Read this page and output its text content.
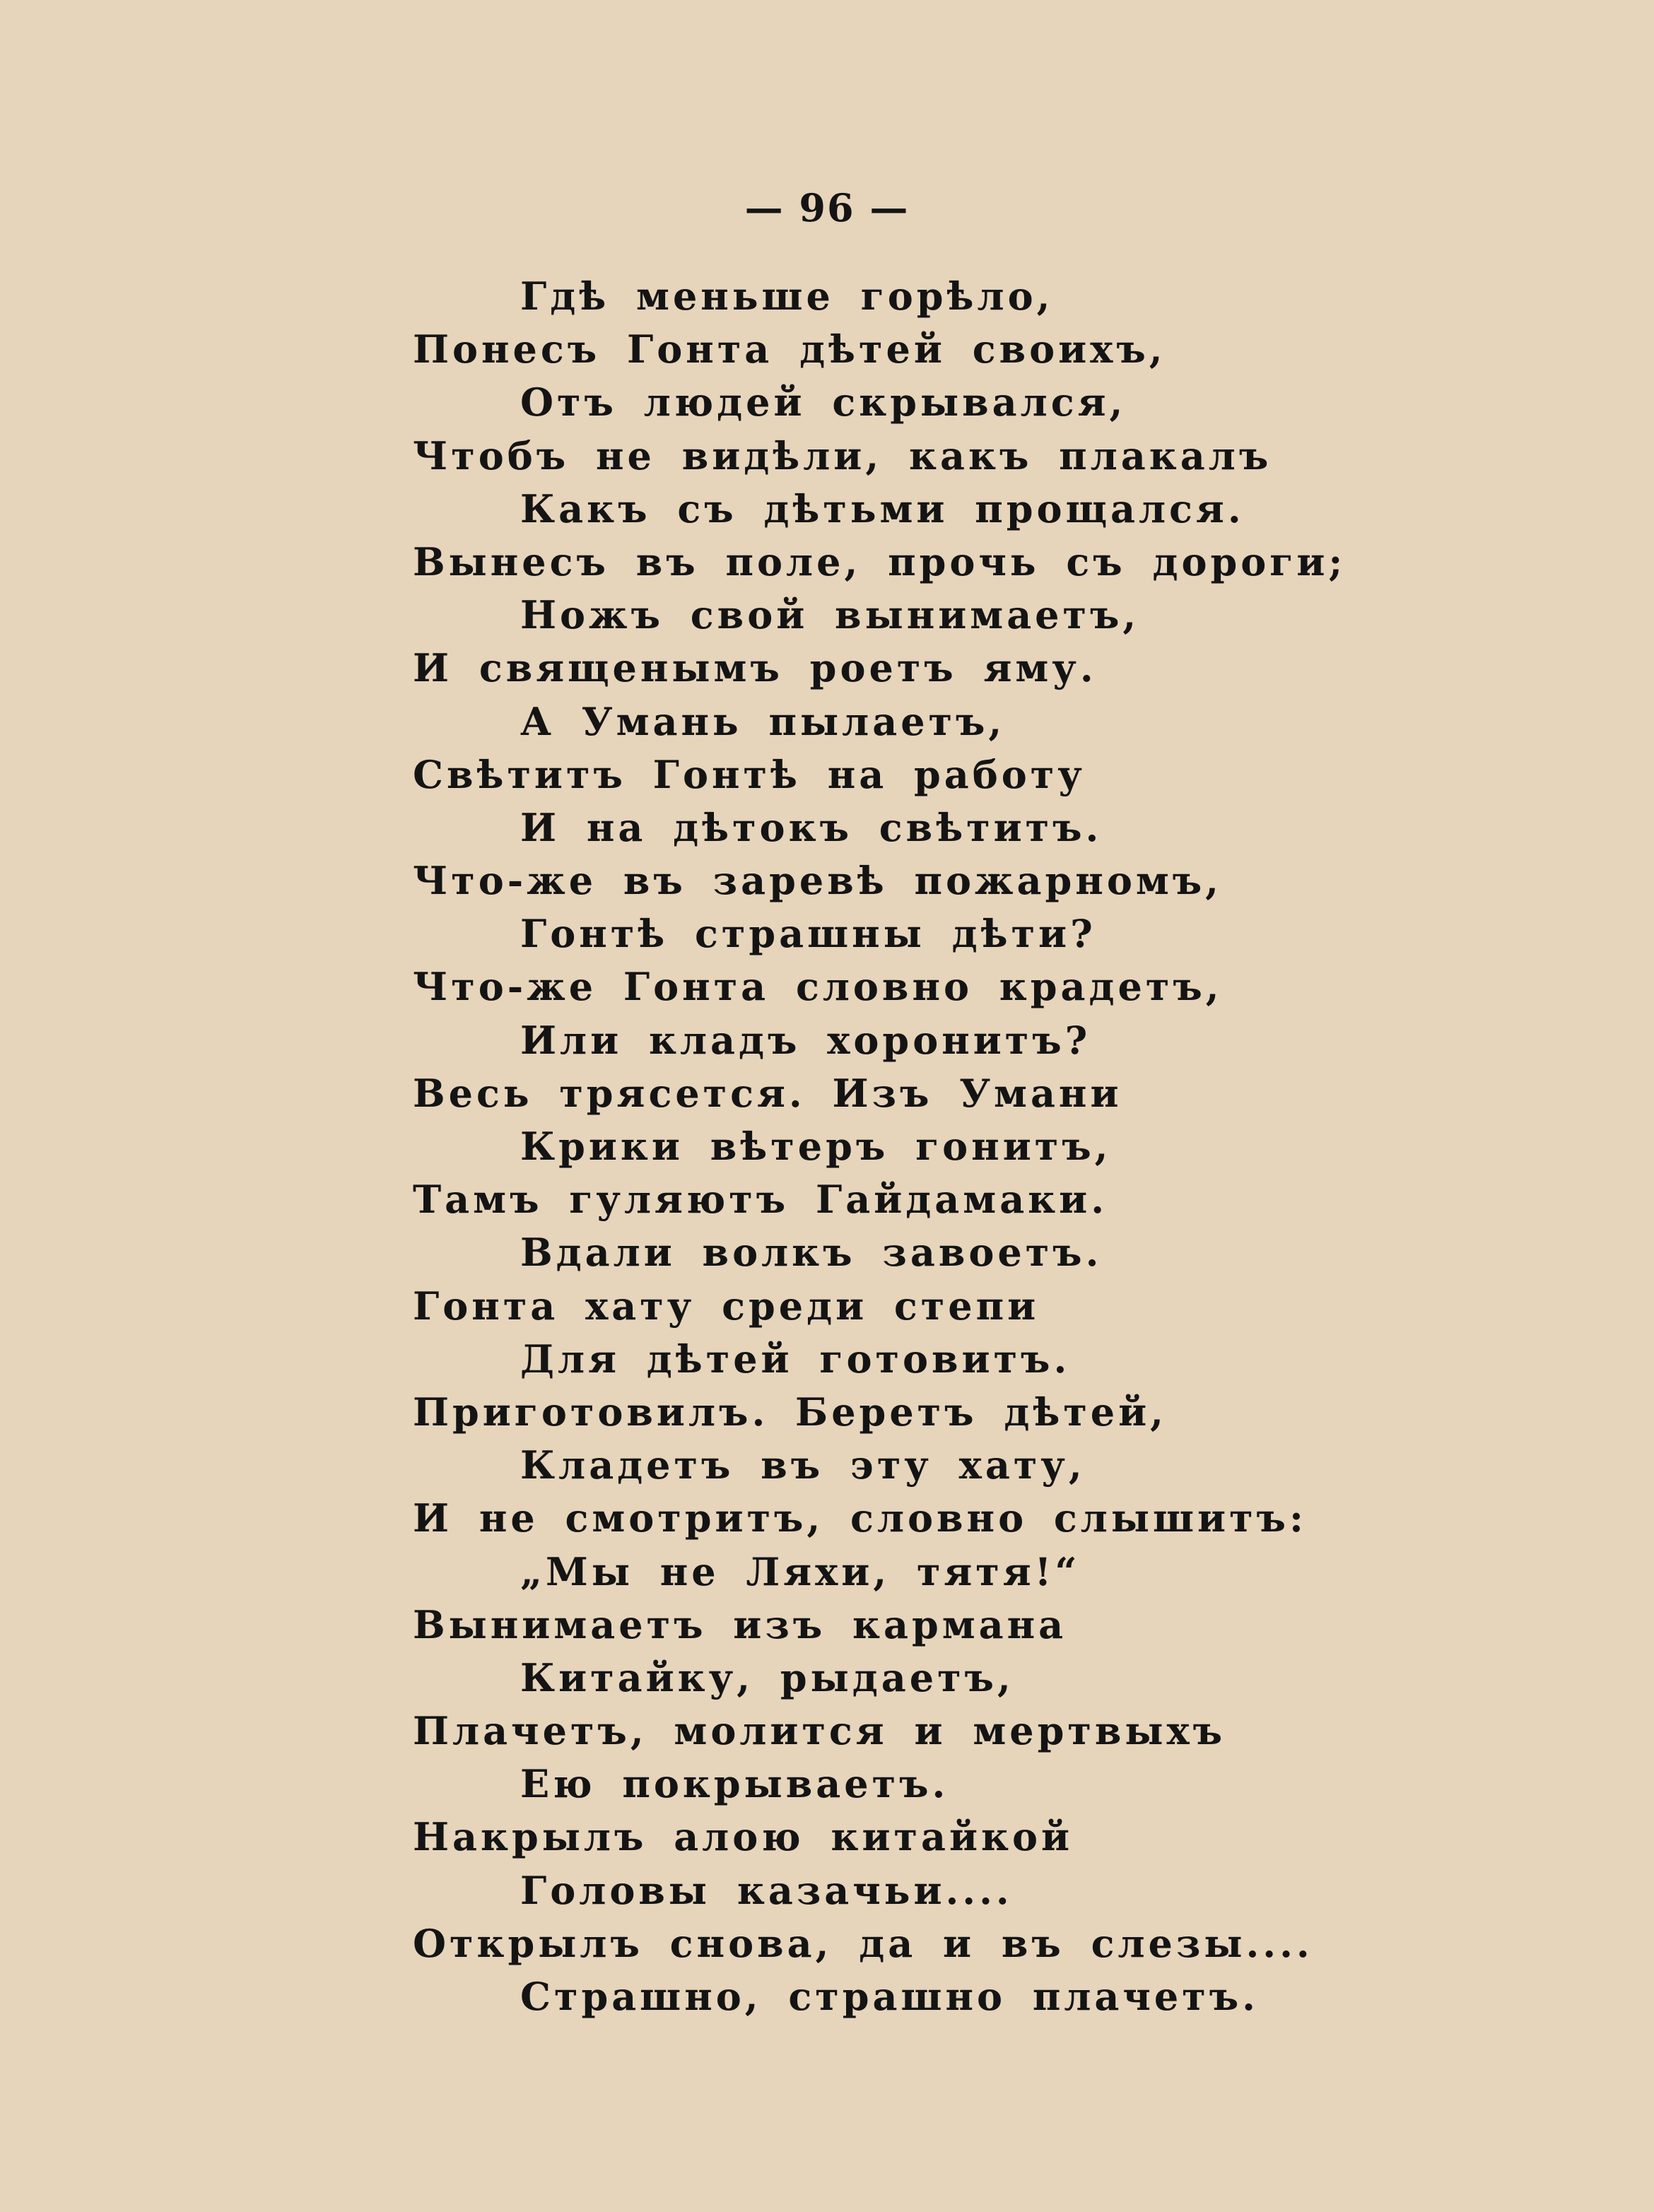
— 96 —
Гдѣ меньше горѣло,
Понесъ Гонта дѣтей своихъ,
Отъ людей скрывался,
Чтобъ не видѣли, какъ плакалъ
Какъ съ дѣтьми прощался.
Вынесъ въ поле, прочь съ дороги;
Ножъ свой вынимаетъ,
И священымъ роетъ яму.
А Умань пылаетъ,
Свѣтитъ Гонтѣ на работу
И на дѣтокъ свѣтитъ.
Что-же въ заревѣ пожарномъ,
Гонтѣ страшны дѣти?
Что-же Гонта словно крадетъ,
Или кладъ хоронитъ?
Весь трясется. Изъ Умани
Крики вѣтеръ гонитъ,
Тамъ гуляютъ Гайдамаки.
Вдали волкъ завоетъ.
Гонта хату среди степи
Для дѣтей готовитъ.
Приготовилъ. Беретъ дѣтей,
Кладетъ въ эту хату,
И не смотритъ, словно слышитъ:
„Мы не Ляхи, тятя!“
Вынимаетъ изъ кармана
Китайку, рыдаетъ,
Плачетъ, молится и мертвыхъ
Ею покрываетъ.
Накрылъ алою китайкой
Головы казачьи....
Открылъ снова, да и въ слезы....
Страшно, страшно плачетъ.
